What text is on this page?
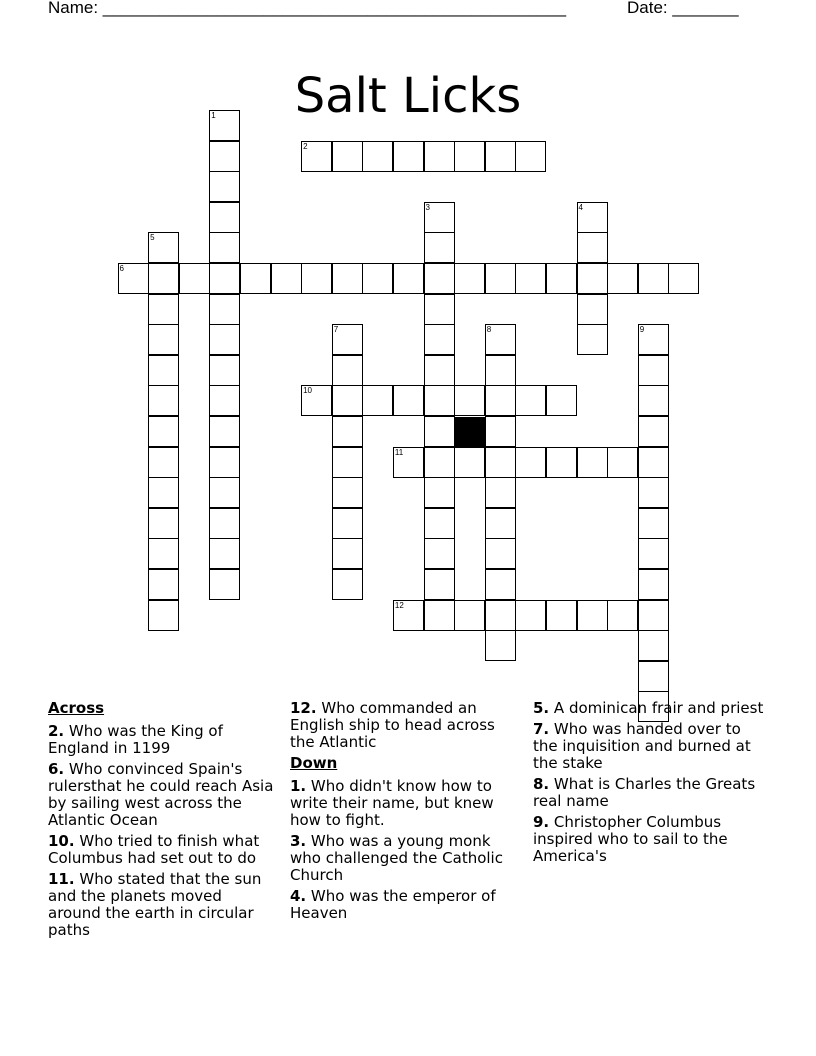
Name: _________________________________________________	Date: _______
Salt Licks
1
2
3	4
5
6
7	8	9
10
11
12
Across
2. Who was the King of England in 1199
6. Who convinced Spain's rulersthat he could reach Asia by sailing west across the Atlantic Ocean
10. Who tried to finish what Columbus had set out to do
11. Who stated that the sun and the planets moved around the earth in circular paths
12. Who commanded an English ship to head across the Atlantic
Down
1. Who didn't know how to write their name, but knew how to fight.
3. Who was a young monk who challenged the Catholic Church
4. Who was the emperor of Heaven
5. A dominican frair and priest
7. Who was handed over to the inquisition and burned at the stake
8. What is Charles the Greats real name
9. Christopher Columbus inspired who to sail to the America's
